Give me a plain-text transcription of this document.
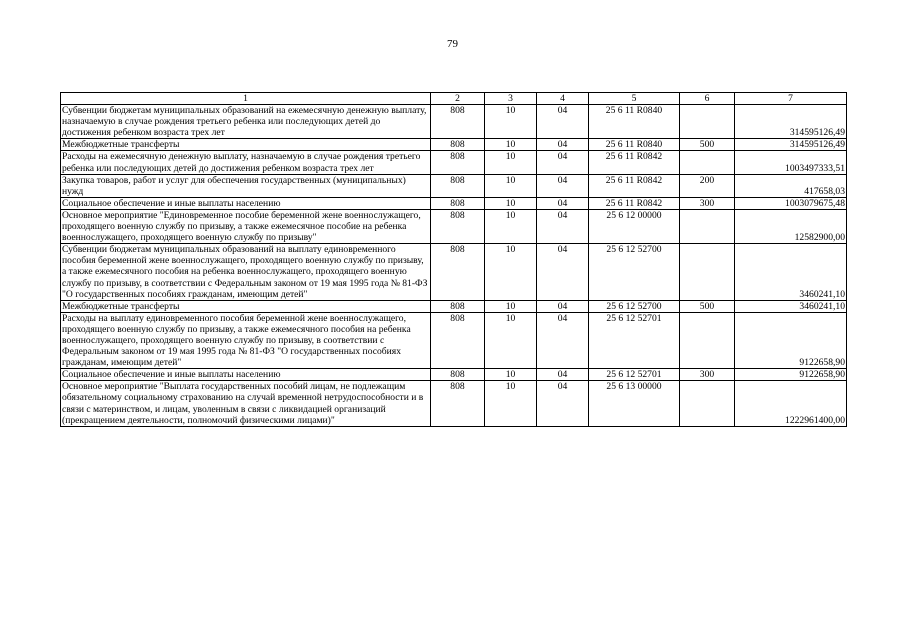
79
1	2	3	4	5	6	7
Субвенции бюджетам муниципальных образований на ежемесячную денежную выплату, назначаемую в случае рождения третьего ребенка или последующих детей до достижения ребенком возраста трех лет	808	10	04	25 6 11 R0840		314595126,49
Межбюджетные трансферты	808	10	04	25 6 11 R0840	500	314595126,49
Расходы на ежемесячную денежную выплату, назначаемую в случае рождения третьего ребенка или последующих детей до достижения ребенком возраста трех лет	808	10	04	25 6 11 R0842		1003497333,51
Закупка товаров, работ и услуг для обеспечения государственных (муниципальных) нужд	808	10	04	25 6 11 R0842	200	417658,03
Социальное обеспечение и иные выплаты населению	808	10	04	25 6 11 R0842	300	1003079675,48
Основное мероприятие "Единовременное пособие беременной жене военнослужащего, проходящего военную службу по призыву, а также ежемесячное пособие на ребенка военнослужащего, проходящего военную службу по призыву"	808	10	04	25 6 12 00000		12582900,00
Субвенции бюджетам муниципальных образований на выплату единовременного пособия беременной жене военнослужащего, проходящего военную службу по призыву, а также ежемесячного пособия на ребенка военнослужащего, проходящего военную службу по призыву, в соответствии с Федеральным законом от 19 мая 1995 года № 81-ФЗ "О государственных пособиях гражданам, имеющим детей"	808	10	04	25 6 12 52700		3460241,10
Межбюджетные трансферты	808	10	04	25 6 12 52700	500	3460241,10
Расходы на выплату единовременного пособия беременной жене военнослужащего, проходящего военную службу по призыву, а также ежемесячного пособия на ребенка военнослужащего, проходящего военную службу по призыву, в соответствии с Федеральным законом от 19 мая 1995 года № 81-ФЗ "О государственных пособиях гражданам, имеющим детей"	808	10	04	25 6 12 52701		9122658,90
Социальное обеспечение и иные выплаты населению	808	10	04	25 6 12 52701	300	9122658,90
Основное мероприятие "Выплата государственных пособий лицам, не подлежащим обязательному социальному страхованию на случай временной нетрудоспособности и в связи с материнством, и лицам, уволенным в связи с ликвидацией организаций (прекращением деятельности, полномочий физическими лицами)"	808	10	04	25 6 13 00000		1222961400,00
